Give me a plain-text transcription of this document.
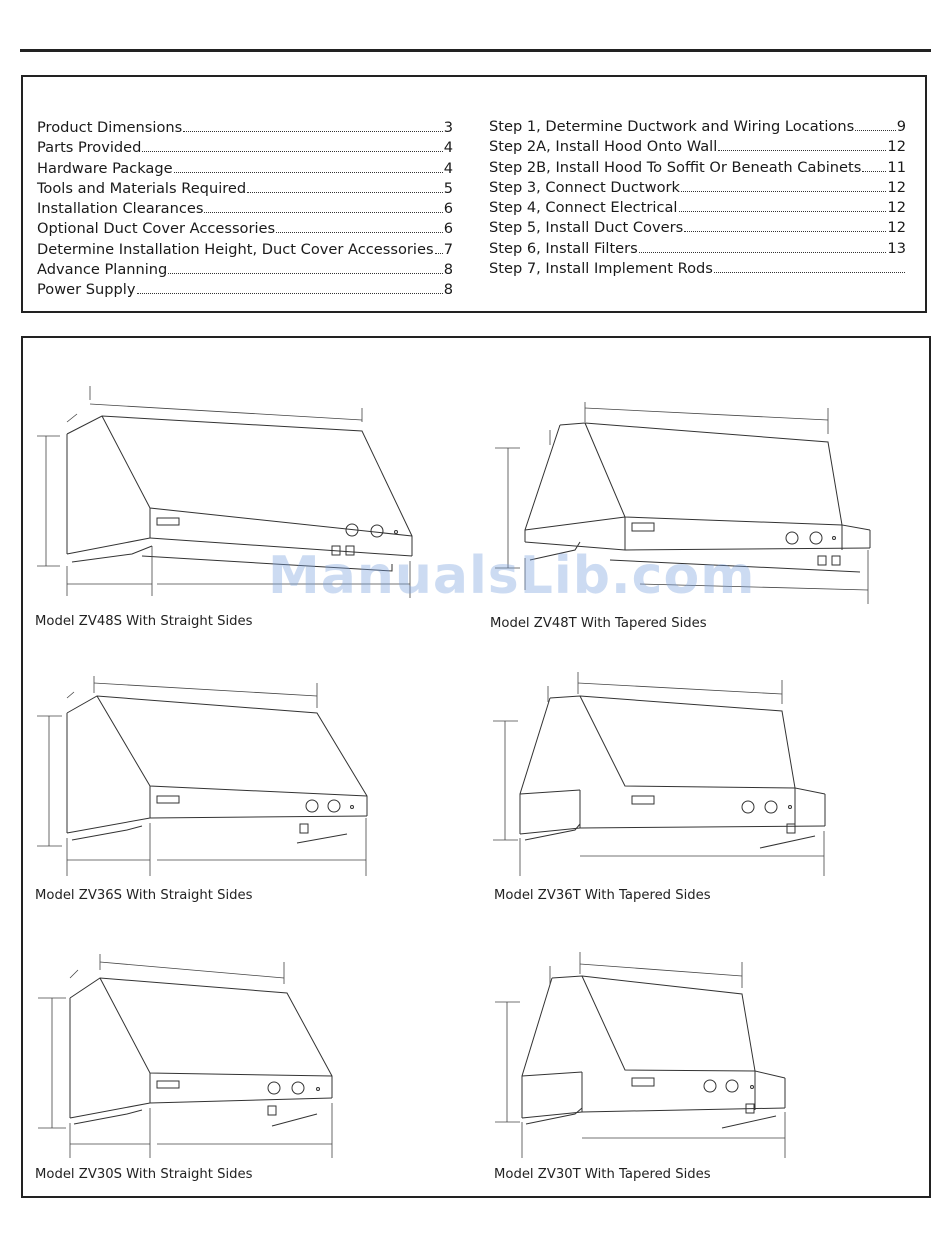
Product Dimensions	3
Parts Provided	4
Hardware Package	4
Tools and Materials Required	5
Installation Clearances	6
Optional Duct Cover Accessories	6
Determine Installation Height, Duct Cover Accessories 7
Advance Planning	8
Power Supply	8
Step 1, Determine Ductwork and Wiring Locations	9
Step 2A, Install Hood Onto Wall	12
Step 2B, Install Hood To Soffit Or Beneath Cabinets 11
Step 3, Connect Ductwork	12
Step 4, Connect Electrical	12
Step 5, Install Duct Covers	12
Step 6, Install Filters	13
Step 7, Install Implement Rods
Model ZV48S With Straight Sides	Model ZV48T With Tapered Sides
Model ZV36S With Straight Sides	Model ZV36T With Tapered Sides
Model ZV30S With Straight Sides	Model ZV30T With Tapered Sides
ManualsLib.com
